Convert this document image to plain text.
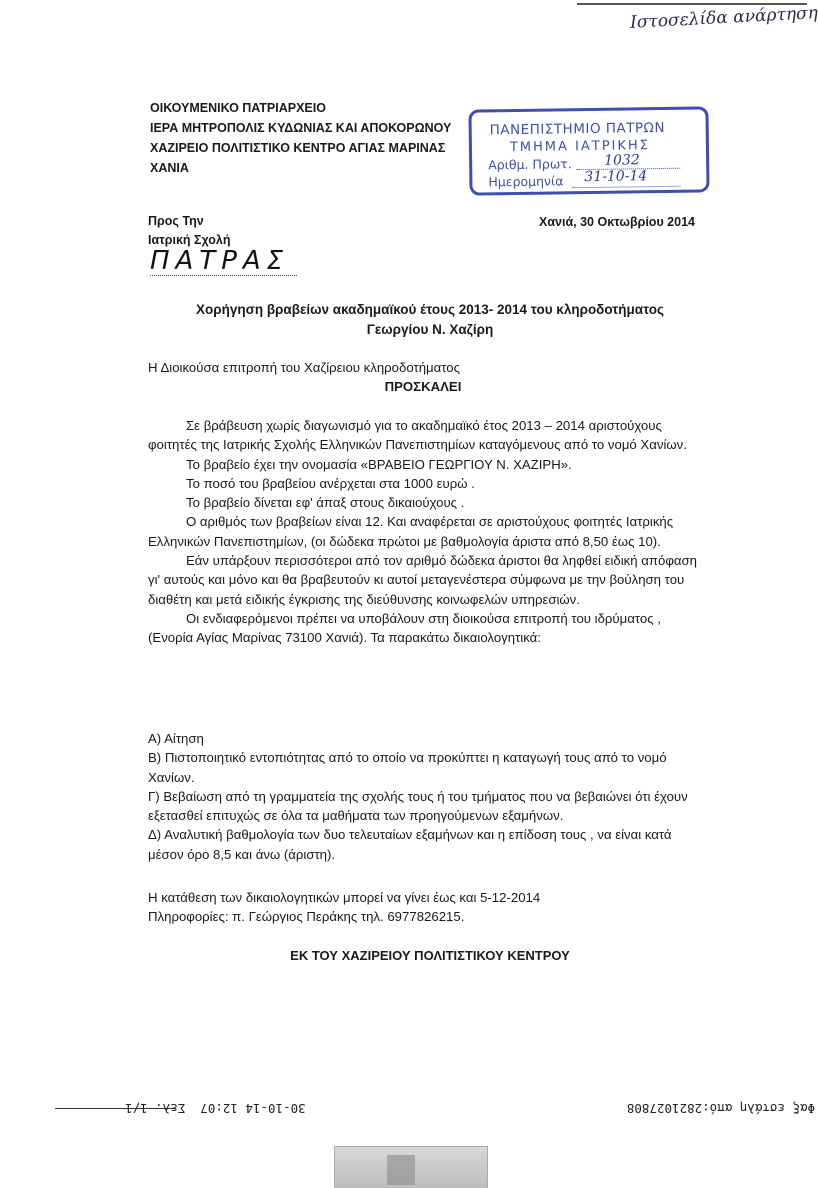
Ιστοσελίδα ανάρτηση
ΟΙΚΟΥΜΕΝΙΚΟ ΠΑΤΡΙΑΡΧΕΙΟ
ΙΕΡΑ ΜΗΤΡΟΠΟΛΙΣ ΚΥΔΩΝΙΑΣ ΚΑΙ ΑΠΟΚΟΡΩΝΟΥ
ΧΑΖΙΡΕΙΟ ΠΟΛΙΤΙΣΤΙΚΟ ΚΕΝΤΡΟ ΑΓΙΑΣ ΜΑΡΙΝΑΣ
ΧΑΝΙΑ
ΠΑΝΕΠΙΣΤΗΜΙΟ ΠΑΤΡΩΝ
ΤΜΗΜΑ ΙΑΤΡΙΚΗΣ
Αριθμ. Πρωτ. 1032
Ημερομηνία 31-10-14
Προς Την
Ιατρική Σχολή
Χανιά, 30 Οκτωβρίου 2014
ΠΑΤΡΑΣ
Χορήγηση βραβείων ακαδημαϊκού έτους 2013- 2014 του κληροδοτήματος
Γεωργίου Ν. Χαζίρη

Η Διοικούσα επιτροπή του Χαζίρειου κληροδοτήματος

ΠΡΟΣΚΑΛΕΙ

Σε βράβευση χωρίς διαγωνισμό για το ακαδημαϊκό έτος 2013 – 2014 αριστούχους φοιτητές της Ιατρικής Σχολής Ελληνικών Πανεπιστημίων καταγόμενους από το νομό Χανίων.

Το βραβείο έχει την ονομασία «ΒΡΑΒΕΙΟ ΓΕΩΡΓΙΟΥ Ν. ΧΑΖΙΡΗ».

Το ποσό του βραβείου ανέρχεται στα 1000 ευρώ .

Το βραβείο δίνεται εφ' άπαξ στους δικαιούχους .

Ο αριθμός των βραβείων είναι 12. Και αναφέρεται σε αριστούχους φοιτητές Ιατρικής Ελληνικών Πανεπιστημίων, (οι δώδεκα πρώτοι με βαθμολογία άριστα από 8,50 έως 10).

Εάν υπάρξουν περισσότεροι από τον αριθμό δώδεκα άριστοι θα ληφθεί ειδική απόφαση γι' αυτούς και μόνο και θα βραβευτούν κι αυτοί μεταγενέστερα σύμφωνα με την βούληση του διαθέτη και μετά ειδικής έγκρισης της διεύθυνσης κοινωφελών υπηρεσιών.

Οι ενδιαφερόμενοι πρέπει να υποβάλουν στη διοικούσα επιτροπή του ιδρύματος , (Ενορία Αγίας Μαρίνας 73100 Χανιά). Τα παρακάτω δικαιολογητικά:

Α) Αίτηση

Β) Πιστοποιητικό εντοπιότητας από το οποίο να προκύπτει η καταγωγή τους από το νομό Χανίων.

Γ) Βεβαίωση από τη γραμματεία της σχολής τους ή του τμήματος που να βεβαιώνει ότι έχουν εξετασθεί επιτυχώς σε όλα τα μαθήματα των προηγούμενων εξαμήνων.

Δ) Αναλυτική βαθμολογία των δυο τελευταίων εξαμήνων και η επίδοση τους , να είναι κατά μέσον όρο 8,5 και άνω (άριστη).

Η κατάθεση των δικαιολογητικών μπορεί να γίνει έως και 5-12-2014

Πληροφορίες: π. Γεώργιος Περάκης τηλ. 6977826215.

ΕΚ ΤΟΥ ΧΑΖΙΡΕΙΟΥ ΠΟΛΙΤΙΣΤΙΚΟΥ ΚΕΝΤΡΟΥ
Φαξ εστάλη από:2821027808
30-10-14 12:07  Σελ. 1/1
